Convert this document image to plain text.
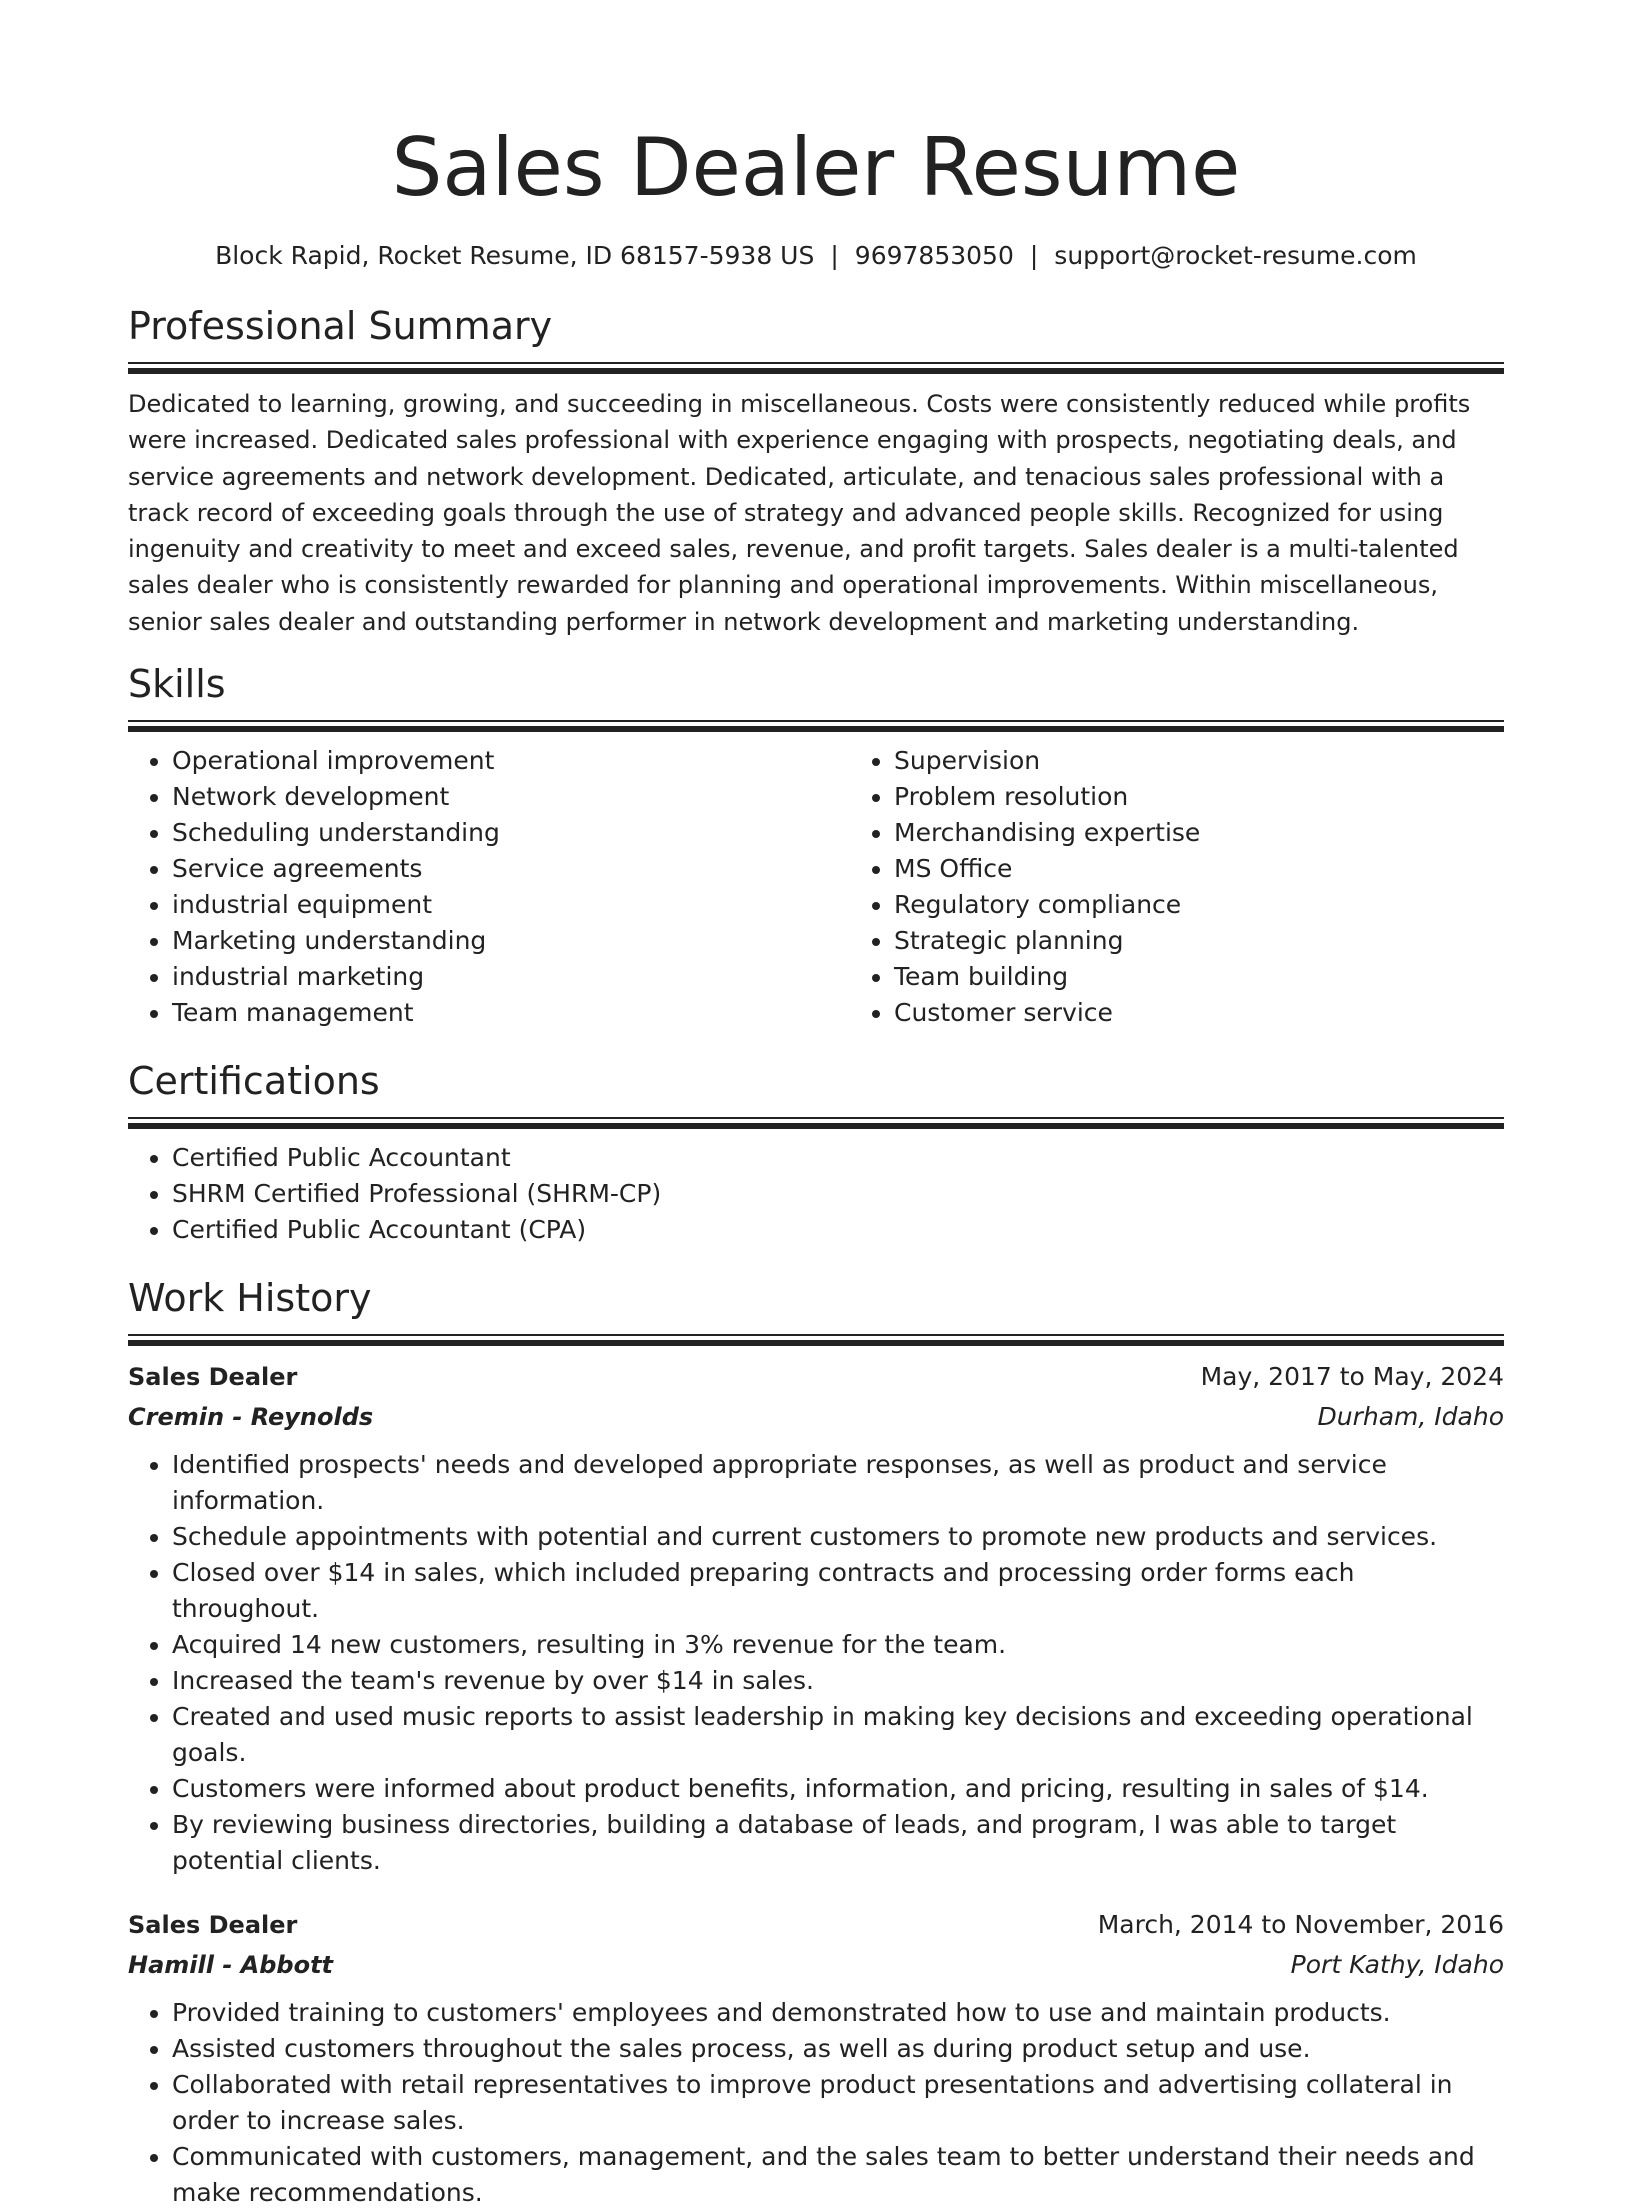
Sales Dealer Resume
Block Rapid, Rocket Resume, ID 68157-5938 US | 9697853050 | support@rocket-resume.com
Professional Summary
Dedicated to learning, growing, and succeeding in miscellaneous. Costs were consistently reduced while profits were increased. Dedicated sales professional with experience engaging with prospects, negotiating deals, and service agreements and network development. Dedicated, articulate, and tenacious sales professional with a track record of exceeding goals through the use of strategy and advanced people skills. Recognized for using ingenuity and creativity to meet and exceed sales, revenue, and profit targets. Sales dealer is a multi-talented sales dealer who is consistently rewarded for planning and operational improvements. Within miscellaneous, senior sales dealer and outstanding performer in network development and marketing understanding.
Skills
• Operational improvement
• Network development
• Scheduling understanding
• Service agreements
• industrial equipment
• Marketing understanding
• industrial marketing
• Team management
• Supervision
• Problem resolution
• Merchandising expertise
• MS Office
• Regulatory compliance
• Strategic planning
• Team building
• Customer service
Certifications
• Certified Public Accountant
• SHRM Certified Professional (SHRM-CP)
• Certified Public Accountant (CPA)
Work History
Sales Dealer	May, 2017 to May, 2024
Cremin - Reynolds	Durham, Idaho
• Identified prospects' needs and developed appropriate responses, as well as product and service information.
• Schedule appointments with potential and current customers to promote new products and services.
• Closed over $14 in sales, which included preparing contracts and processing order forms each throughout.
• Acquired 14 new customers, resulting in 3% revenue for the team.
• Increased the team's revenue by over $14 in sales.
• Created and used music reports to assist leadership in making key decisions and exceeding operational goals.
• Customers were informed about product benefits, information, and pricing, resulting in sales of $14.
• By reviewing business directories, building a database of leads, and program, I was able to target potential clients.
Sales Dealer	March, 2014 to November, 2016
Hamill - Abbott	Port Kathy, Idaho
• Provided training to customers' employees and demonstrated how to use and maintain products.
• Assisted customers throughout the sales process, as well as during product setup and use.
• Collaborated with retail representatives to improve product presentations and advertising collateral in order to increase sales.
• Communicated with customers, management, and the sales team to better understand their needs and make recommendations.
